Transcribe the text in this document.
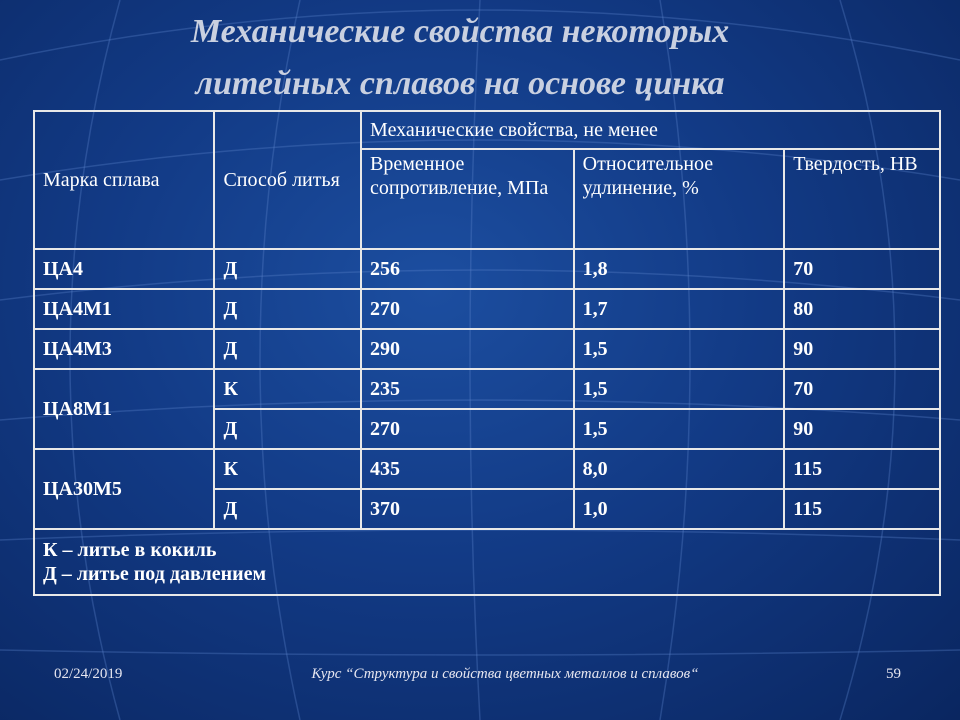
Механические свойства некоторых
литейных сплавов на основе цинка
Марка сплава	Способ литья	Механические свойства, не менее		
		Временное сопротивление, МПа	Относительное удлинение, %	Твердость, НВ
ЦА4	Д	256	1,8	70
ЦА4М1	Д	270	1,7	80
ЦА4М3	Д	290	1,5	90
ЦА8М1	К	235	1,5	70
	Д	270	1,5	90
ЦА30М5	К	435	8,0	115
	Д	370	1,0	115
К – литье в кокиль
Д – литье под давлением				
02/24/2019	Курс “Структура и свойства цветных металлов и сплавов“	59
